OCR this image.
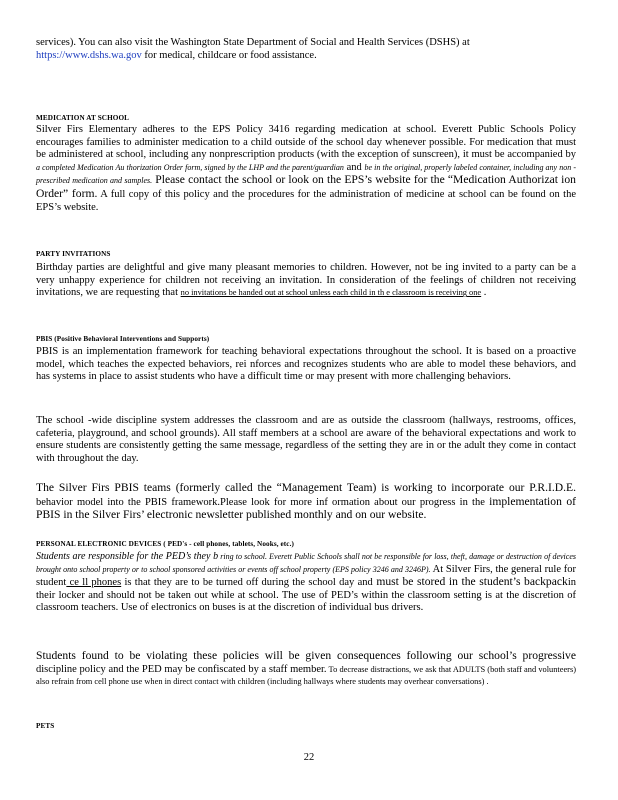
services). You can also visit the Washington State Department of Social and Health Services (DSHS) at
https://www.dshs.wa.gov for medical, childcare or food assistance.
MEDICATION AT SCHOOL
Silver Firs Elementary adheres to the EPS Policy 3416 regarding medication at school. Everett Public Schools Policy encourages families to administer medication to a child outside of the school day whenever possible. For medication that must be administered at school, including any nonprescription products (with the exception of sunscreen), it must be accompanied by a completed Medication Au thorization Order form, signed by the LHP and the parent/guardian and be in the original, properly labeled container, including any non -prescribed medication and samples. Please contact the school or look on the EPS’s website for the “Medication Authorizat ion Order” form. A full copy of this policy and the procedures for the administration of medicine at school can be found on the EPS’s website.
PARTY INVITATIONS
Birthday parties are delightful and give many pleasant memories to children. However, not be ing invited to a party can be a very unhappy experience for children not receiving an invitation. In consideration of the feelings of children not receiving invitations, we are requesting that no invitations be handed out at school unless each child in th e classroom is receiving one .
PBIS (Positive Behavioral Interventions and Supports)
PBIS is an implementation framework for teaching behavioral expectations throughout the school. It is based on a proactive model, which teaches the expected behaviors, rei nforces and recognizes students who are able to model these behaviors, and has systems in place to assist students who have a difficult time or may present with more challenging behaviors.
The school -wide discipline system addresses the classroom and are as outside the classroom (hallways, restrooms, offices, cafeteria, playground, and school grounds). All staff members at a school are aware of the behavioral expectations and work to ensure students are consistently getting the same message, regardless of the setting they are in or the adult they come in contact with throughout the day.
The Silver Firs PBIS teams (formerly called the “Management Team) is working to incorporate our P.R.I.D.E. behavior model into the PBIS framework.Please look for more inf ormation about our progress in the implementation of PBIS in the Silver Firs’ electronic newsletter published monthly and on our website.
PERSONAL ELECTRONIC DEVICES ( PED's - cell phones, tablets, Nooks, etc.)
Students are responsible for the PED’s they b ring to school. Everett Public Schools shall not be responsible for loss, theft, damage or destruction of devices brought onto school property or to school sponsored activities or events off school property (EPS policy 3246 and 3246P). At Silver Firs, the general rule for student ce ll phones is that they are to be turned off during the school day and must be stored in the student’s backpackin their locker and should not be taken out while at school. The use of PED’s within the classroom setting is at the discretion of classroom teachers. Use of electronics on buses is at the discretion of individual bus drivers.
Students found to be violating these policies will be given consequences following our school’s progressive discipline policy and the PED may be confiscated by a staff member. To decrease distractions, we ask that ADULTS (both staff and volunteers) also refrain from cell phone use when in direct contact with children (including hallways where students may overhear conversations) .
PETS
22
